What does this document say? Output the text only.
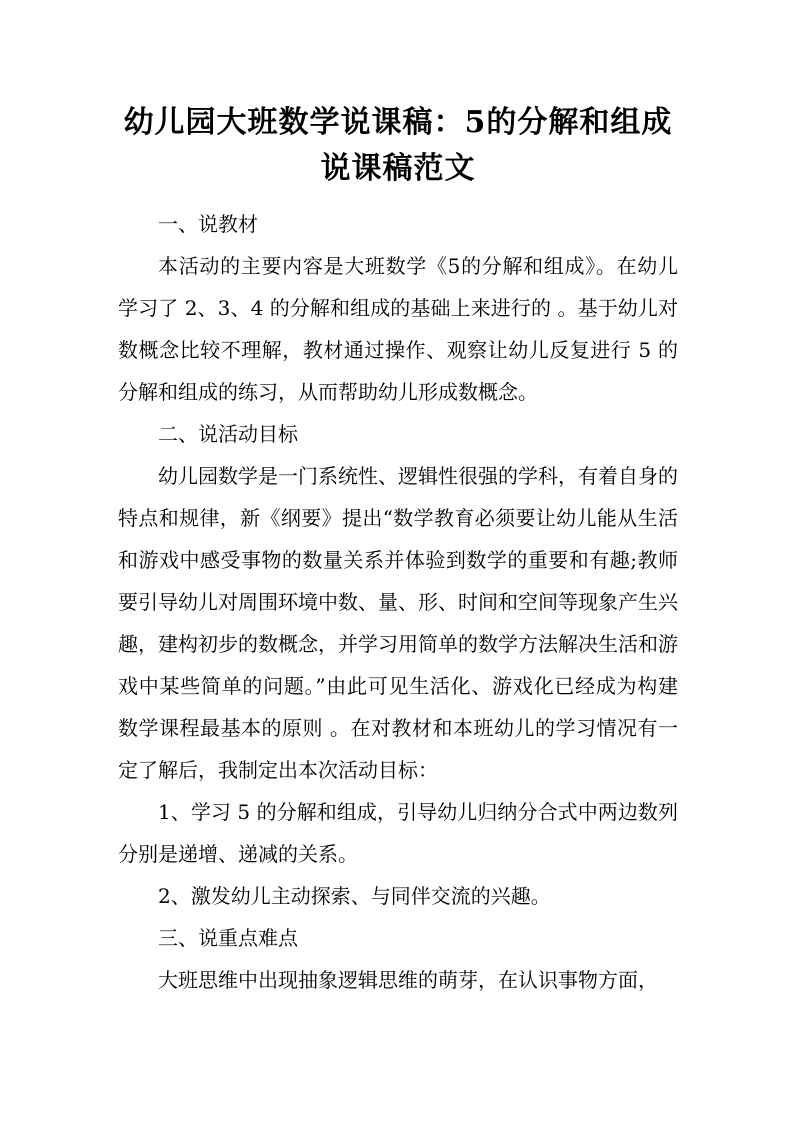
幼儿园大班数学说课稿：5的分解和组成 说课稿范文

一、说教材

本活动的主要内容是大班数学《5的分解和组成》。在幼儿学习了 2、3、4 的分解和组成的基础上来进行的 。基于幼儿对数概念比较不理解，教材通过操作、观察让幼儿反复进行 5 的分解和组成的练习，从而帮助幼儿形成数概念。

二、说活动目标

幼儿园数学是一门系统性、逻辑性很强的学科，有着自身的特点和规律，新《纲要》提出“数学教育必须要让幼儿能从生活和游戏中感受事物的数量关系并体验到数学的重要和有趣;教师要引导幼儿对周围环境中数、量、形、时间和空间等现象产生兴趣，建构初步的数概念，并学习用简单的数学方法解决生活和游戏中某些简单的问题。”由此可见生活化、游戏化已经成为构建数学课程最基本的原则 。在对教材和本班幼儿的学习情况有一定了解后，我制定出本次活动目标：

1、学习 5 的分解和组成，引导幼儿归纳分合式中两边数列分别是递增、递减的关系。

2、激发幼儿主动探索、与同伴交流的兴趣。

三、说重点难点

大班思维中出现抽象逻辑思维的萌芽，在认识事物方面，
